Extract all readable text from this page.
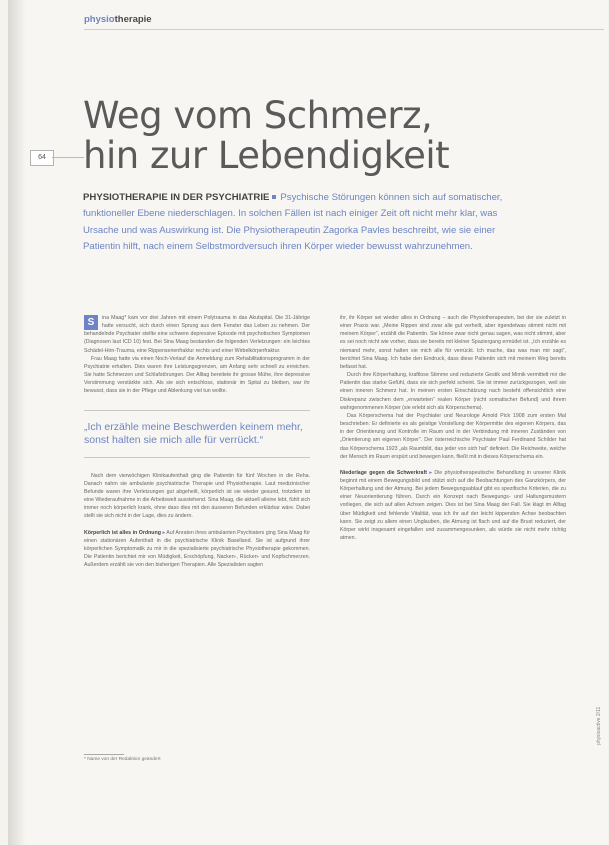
physiotherapie
64
Weg vom Schmerz,
hin zur Lebendigkeit
PHYSIOTHERAPIE IN DER PSYCHIATRIE Psychische Störungen können sich auf somatischer, funktioneller Ebene niederschlagen. In solchen Fällen ist nach einiger Zeit oft nicht mehr klar, was Ursache und was Auswirkung ist. Die Physiotherapeutin Zagorka Pavles beschreibt, wie sie einer Patientin hilft, nach einem Selbstmordversuch ihren Körper wieder bewusst wahrzunehmen.

S	ina Maag* kam vor drei Jahren mit einem Polytrauma in das Akutspital. Die 31-Jährige hatte versucht, sich durch einen Sprung aus dem Fenster das Leben zu nehmen. Der behandelnde Psychiater stellte eine schwere depressive Episode mit psychotischen Symptomen (Diagnosen laut ICD 10) fest. Bei Sina Maag bestanden die folgenden Verletzungen: ein leichtes Schädel-Hirn-Trauma, eine Rippenserienfraktur rechts und einer Wirbelkörperfraktur.

Frau Maag hatte via einen Noch-Verlauf die Anmeldung zum Rehabilitationsprogramm in der Psychiatrie erhalten. Dies waren ihre Leistungsgrenzen, am Anfang sehr schnell zu erreichen. Sie hatte Schmerzen und Schlafstörungen. Der Alltag bereitete ihr grosse Mühe, ihre depressive Verstimmung verstärkte sich. Als sie sich entschloss, stationär im Spital zu bleiben, war ihr bewusst, dass sie in der Pflege und Ablenkung viel tun wollte.

„Ich erzähle meine Beschwerden keinem mehr, sonst halten sie mich alle für verrückt.“

Nach dem vierwöchigen Klinikaufenthalt ging die Patientin für fünf Wochen in die Reha. Danach nahm sie ambulante psychiatrische Therapie und Physiotherapie. Laut medizinischer Befunde waren ihre Verletzungen gut abgeheilt, körperlich ist sie wieder gesund, trotzdem ist eine Wiederaufnahme in die Arbeitswelt ausstehend. Sina Maag, die aktuell alleine lebt, fühlt sich immer noch körperlich krank, ohne dass dies mit den äusseren Befunden erklärbar wäre. Dabei stellt sie sich nicht in der Lage, dies zu ändern.

Körperlich ist alles in Ordnung ▸ Auf Anraten ihres ambulanten Psychiaters ging Sina Maag für einen stationären Aufenthalt in die psychiatrische Klinik Baselland. Sie ist aufgrund ihrer körperlichen Symptomatik zu mir in die spezialisierte psychiatrische Physiotherapie gekommen. Die Patientin berichtet mir von Müdigkeit, Erschöpfung, Nacken-, Rücken- und Kopfschmerzen. Außerdem erzählt sie von den bisherigen Therapien. Alle Spezialisten sagten

ihr, ihr Körper sei wieder alles in Ordnung – auch die Physiotherapeuten, bei der sie zuletzt in einer Praxis war. „Meine Rippen sind zwar alle gut verheilt, aber irgendetwas stimmt nicht mit meinem Körper“, erzählt die Patientin. Sie könne zwar nicht genau sagen, was nicht stimmt, aber es sei noch nicht wie vorher, dass sie bereits mit kleiner Spaziergang ermüdet ist. „Ich erzähle es niemand mehr, sonst halten sie mich alle für verrückt. Ich mache, das was man mir sagt“, berichtet Sina Maag. Ich habe den Eindruck, dass diese Patientin sich mit meinem Weg bereits befasst hat.

Durch ihre Körperhaltung, kraftlose Stimme und reduzierte Gestik und Mimik vermittelt mir die Patientin das starke Gefühl, dass sie sich perfekt scheint. Sie ist immer zurückgezogen, weil sie einen inneren Schmerz hat. In meinen ersten Einschätzung nach besteht offensichtlich eine Diskrepanz zwischen dem „erwarteten“ realen Körper (nicht somatischer Befund) und ihrem wahrgenommenen Körper (sie erlebt sich als Körperschema).

Das Körperschema hat der Psychiater und Neurologe Arnold Pick 1908 zum ersten Mal beschrieben: Er definierte es als geistige Vorstellung der Körpermitte des eigenen Körpers, das in der Orientierung und Kontrolle im Raum und in der Verbindung mit inneren Zuständen von „Orientierung am eigenen Körper“. Der österreichische Psychiater Paul Ferdinand Schilder hat das Körperschema 1923 „als Raumbild, das jeder von sich hat“ definiert. Die Reichweite, welche der Mensch im Raum erspürt und bewegen kann, fließt mit in dieses Körperschema ein.

Niederlage gegen die Schwerkraft ▸ Die physiotherapeutische Behandlung in unserer Klinik beginnt mit einem Bewegungsbild und stützt sich auf die Beobachtungen des Ganzkörpers, der Körperhaltung und der Atmung. Bei jedem Bewegungsablauf gibt es spezifische Kriterien, die zu einer Neuorientierung führen. Durch ein Konzept nach Bewegungs- und Haltungsmustern vorliegen, die sich auf allen Achsen zeigen. Dies ist bei Sina Maag der Fall. Sie klagt im Alltag über Müdigkeit und fehlende Vitalität, was ich ihr auf der leicht kippenden Achse beobachten kann. Sie zeigt zu allem einen Unglauben, die Atmung ist flach und auf die Brust reduziert, der Körper wirkt insgesamt eingefallen und zusammengesunken, als würde sie nicht mehr richtig atmen.

* Name von der Redaktion geändert
physioactive 2/11
